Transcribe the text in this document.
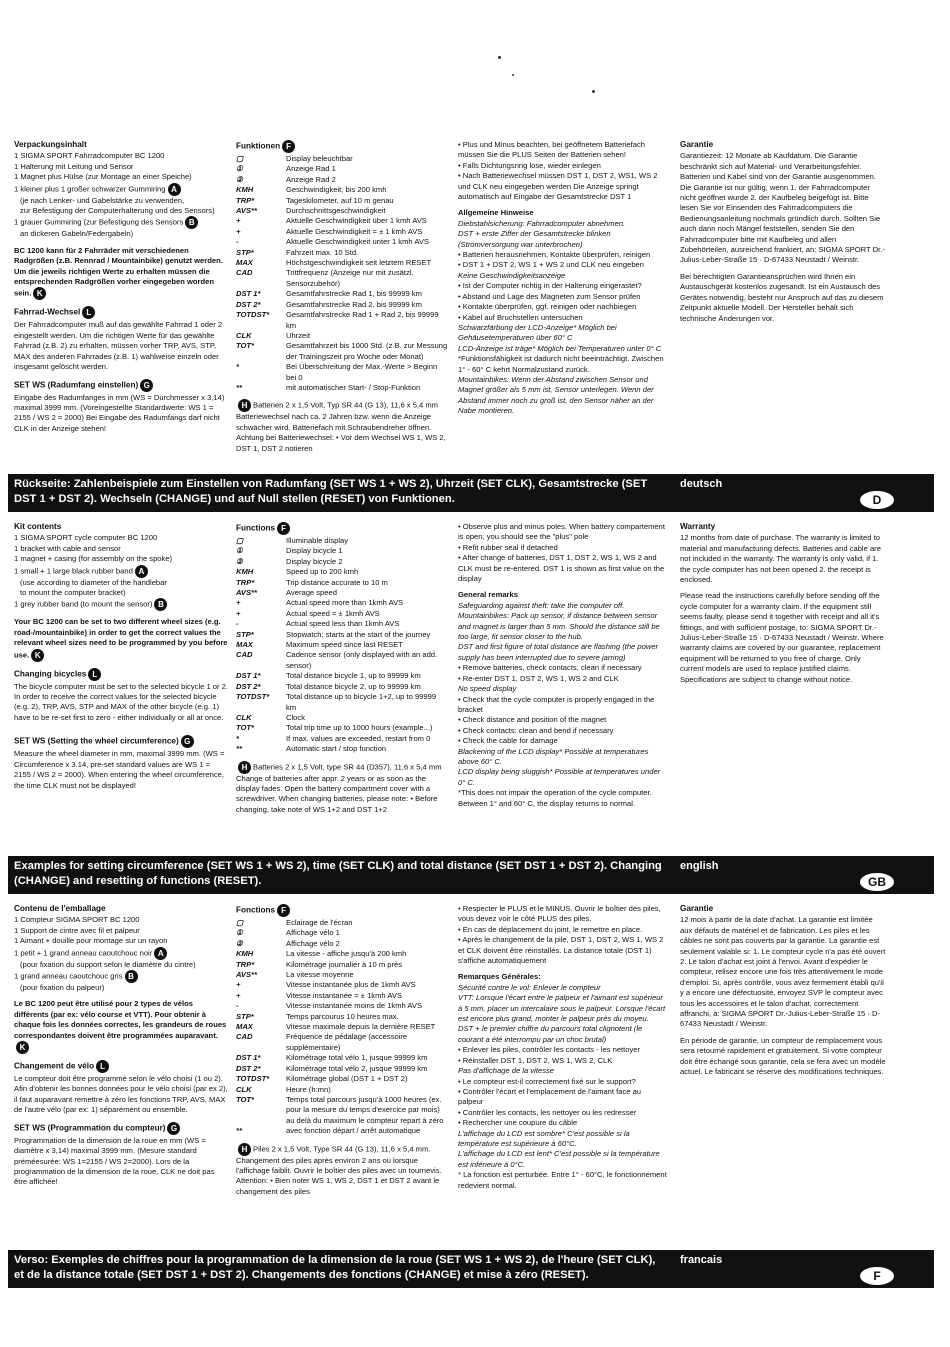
Verpackungsinhalt

1 SIGMA SPORT Fahrradcomputer BC 1200

1 Halterung mit Leitung und Sensor

1 Magnet plus Hülse (zur Montage an einer Speiche)

1 kleiner plus 1 großer schwarzer Gummiring A

(je nach Lenker- und Gabelstärke zu verwenden,

zur Befestigung der Computerhalterung und des Sensors)

1 grauer Gummiring (zur Befestigung des Sensors B

an dickeren Gabeln/Federgabeln)

BC 1200 kann für 2 Fahrräder mit verschiedenen Radgrößen (z.B. Rennrad / Mountainbike) genutzt werden. Um die jeweils richtigen Werte zu erhalten müssen die entsprechenden Radgrößen vorher eingegeben worden sein. K

Fahrrad-Wechsel L

Der Fahrradcomputer muß auf das gewählte Fahrrad 1 oder 2 eingestellt werden. Um die richtigen Werte für das gewählte Fahrrad (z.B. 2) zu erhalten, müssen vorher TRP, AVS, STP, MAX des anderen Fahrrades (z.B. 1) wahlweise einzeln oder insgesamt gelöscht werden.

SET WS (Radumfang einstellen) G

Eingabe des Radumfanges in mm (WS = Durchmesser x 3,14) maximal 3999 mm. (Voreingestellte Standardwerte: WS 1 = 2155 / WS 2 = 2000) Bei Eingabe des Radumfangs darf nicht CLK in der Anzeige stehen!

Funktionen F
▢	Display beleuchtbar
①	Anzeige Rad 1
②	Anzeige Rad 2
KMH	Geschwindigkeit, bis 200 kmh
TRP*	Tageskilometer, auf 10 m genau
AVS**	Durchschnittsgeschwindigkeit
+	Aktuelle Geschwindigkeit über 1 kmh AVS
+	Aktuelle Geschwindigkeit = ± 1 kmh AVS
-	Aktuelle Geschwindigkeit unter 1 kmh AVS
STP*	Fahrzeit max. 10 Std.
MAX	Höchstgeschwindigkeit seit letztem RESET
CAD	Trittfrequenz (Anzeige nur mit zusätzl. Sensorzubehör)
DST 1*	Gesamtfahrstrecke Rad 1, bis 99999 km
DST 2*	Gesamtfahrstrecke Rad 2, bis 99999 km
TOTDST*	Gesamtfahrstrecke Rad 1 + Rad 2, bis 99999 km
CLK	Uhrzeit
TOT*	Gesamtfahrzeit bis 1000 Std. (z.B. zur Messung der Trainingszeit pro Woche oder Monat)
*	Bei Überschreitung der Max.-Werte > Beginn bei 0
**	mit automatischer Start- / Stop-Funktion

H Batterien 2 x 1,5 Volt, Typ SR 44 (G 13), 11,6 x 5,4 mm Batteriewechsel nach ca. 2 Jahren bzw. wenn die Anzeige schwächer wird. Batteriefach mit Schraubendreher öffnen. Achtung bei Batteriewechsel: • Vor dem Wechsel WS 1, WS 2, DST 1, DST 2 notieren

• Plus und Minus beachten, bei geöffnetem Batteriefach müssen Sie die PLUS Seiten der Batterien sehen!

• Falls Dichtungsring lose, wieder einlegen

• Nach Batteriewechsel müssen DST 1, DST 2, WS1, WS 2 und CLK neu eingegeben werden Die Anzeige springt automatisch auf Eingabe der Gesamtstrecke DST 1

Allgemeine Hinweise

Diebstahlsicherung: Fahrradcomputer abnehmen.

DST + erste Ziffer der Gesamtstrecke blinken (Stromversorgung war unterbrochen)

• Batterien herausnehmen, Kontakte überprüfen, reinigen

• DST 1 + DST 2, WS 1 + WS 2 und CLK neu eingeben

Keine Geschwindigkeitsanzeige

• Ist der Computer richtig in der Halterung eingerastet?

• Abstand und Lage des Magneten zum Sensor prüfen

• Kontakte überprüfen, ggf. reinigen oder nachbiegen

• Kabel auf Bruchstellen untersuchen

Schwarzfärbung der LCD-Anzeige* Möglich bei Gehäusetemperaturen über 60° C

LCD-Anzeige ist träge* Möglich bei Temperaturen unter 0° C

*Funktionsfähigkeit ist dadurch nicht beeinträchtigt. Zwischen 1° - 60° C kehrt Normalzustand zurück.

Mountainbikes: Wenn der Abstand zwischen Sensor und Magnet größer als 5 mm ist, Sensor unterlegen. Wenn der Abstand immer noch zu groß ist, den Sensor näher an der Nabe montieren.

Garantie

Garantiezeit: 12 Monate ab Kaufdatum. Die Garantie beschränkt sich auf Material- und Verarbeitungsfehler. Batterien und Kabel sind von der Garantie ausgenommen. Die Garantie ist nur gültig, wenn 1. der Fahrradcomputer nicht geöffnet wurde 2. der Kaufbeleg beigefügt ist. Bitte lesen Sie vor Einsenden des Fahrradcomputers die Bedienungsanleitung nochmals gründlich durch. Sollten Sie auch dann noch Mängel feststellen, senden Sie den Fahrradcomputer bitte mit Kaufbeleg und allen Zubehörteilen, ausreichend frankiert, an: SIGMA SPORT Dr.-Julius-Leber-Straße 15 · D-67433 Neustadt / Weinstr.

Bei berechtigten Garantieansprüchen wird Ihnen ein Austauschgerät kostenlos zugesandt. Ist ein Austausch des Gerätes notwendig, besteht nur Anspruch auf das zu diesem Zeitpunkt aktuelle Modell. Der Hersteller behält sich technische Änderungen vor.

Rückseite: Zahlenbeispiele zum Einstellen von Radumfang (SET WS 1 + WS 2), Uhrzeit (SET CLK), Gesamtstrecke (SET DST 1 + DST 2). Wechseln (CHANGE) und auf Null stellen (RESET) von Funktionen.
deutsch
D
Kit contents

1 SIGMA SPORT cycle computer BC 1200

1 bracket with cable and sensor

1 magnet + casing (for assembly on the spoke)

1 small + 1 large black rubber band A

(use according to diameter of the handlebar

to mount the computer bracket)

1 grey rubber band (to mount the sensor) B

Your BC 1200 can be set to two different wheel sizes (e.g. road-/mountainbike) in order to get the correct values the relevant wheel sizes need to be programmed by you before use. K

Changing bicycles L

The bicycle computer must be set to the selected bicycle 1 or 2. In order to receive the correct values for the selected bicycle (e.g. 2), TRP, AVS, STP and MAX of the other bicycle (e.g. 1) have to be re-set first to zero - either individually or all at once.

SET WS (Setting the wheel circumference) G

Measure the wheel diameter in mm, maximal 3999 mm. (WS = Circumference x 3.14, pre-set standard values are WS 1 = 2155 / WS 2 = 2000). When entering the wheel circumference, the time CLK must not be displayed!

Functions F
▢	Illuminable display
①	Display bicycle 1
②	Display bicycle 2
KMH	Speed up to 200 kmh
TRP*	Trip distance accurate to 10 m
AVS**	Average speed
+	Actual speed more than 1kmh AVS
+	Actual speed = ± 1kmh AVS
-	Actual speed less than 1kmh AVS
STP*	Stopwatch; starts at the start of the journey
MAX	Maximum speed since last RESET
CAD	Cadence sensor (only displayed with an add. sensor)
DST 1*	Total distance bicycle 1, up to 99999 km
DST 2*	Total distance bicycle 2, up to 99999 km
TOTDST*	Total distance up to bicycle 1+2, up to 99999 km
CLK	Clock
TOT*	Total trip time up to 1000 hours (example...)
*	If max. values are exceeded, restart from 0
**	Automatic start / stop function

H Batteries 2 x 1,5 Volt, type SR 44 (D357), 11,6 x 5,4 mm Change of batteries after appr. 2 years or as soon as the display fades. Open the battery compartment cover with a screwdriver. When changing batteries, please note: • Before changing, take note of WS 1+2 and DST 1+2

• Observe plus and minus poles. When battery compartement is open, you should see the "plus" pole

• Refit rubber seal if detached

• After change of batteries, DST 1, DST 2, WS 1, WS 2 and CLK must be re-entered. DST 1 is shown as first value on the display

General remarks

Safeguarding against theft: take the computer off.

Mountainbikes: Pack up sensor, if distance between sensor and magnet is larger than 5 mm. Should the distance still be too large, fit sensor closer to the hub.

DST and first figure of total distance are flashing (the power supply has been interrupted due to severe jarring)

• Remove batteries, check contacts, clean if necessary

• Re-enter DST 1, DST 2, WS 1, WS 2 and CLK

No speed display

• Check that the cycle computer is properly engaged in the bracket

• Check distance and position of the magnet

• Check contacts: clean and bend if necessary

• Check the cable for damage

Blackening of the LCD display* Possible at temperatures above 60° C.

LCD display being sluggish* Possible at temperatures under 0° C.

*This does not impair the operation of the cycle computer. Between 1° and 60° C, the display returns to normal.

Warranty

12 months from date of purchase. The warranty is limited to material and manufacturing defects. Batteries and cable are not included in the warranty. The warranty is only valid, if 1. the cycle computer has not been opened 2. the receipt is enclosed.

Please read the instructions carefully before sending off the cycle computer for a warranty claim. If the equipment still seems faulty, please send it together with receipt and all it's fittings, and with sufficient postage, to: SIGMA SPORT Dr.-Julius-Leber-Straße 15 · D-67433 Neustadt / Weinstr. Where warranty claims are covered by our guarantee, replacement equipment will be returned to you free of charge. Only current models are used to replace justified claims. Specifications are subject to change without notice.

Examples for setting circumference (SET WS 1 + WS 2), time (SET CLK) and total distance (SET DST 1 + DST 2). Changing (CHANGE) and resetting of functions (RESET).
english
GB
Contenu de l'emballage

1 Compteur SIGMA SPORT BC 1200

1 Support de cintre avec fil et palpeur

1 Aimant + douille pour montage sur un rayon

1 petit + 1 grand anneau caoutchouc noir A

(pour fixation du support selon le diamètre du cintre)

1 grand anneau caoutchouc gris B

(pour fixation du palpeur)

Le BC 1200 peut être utilisé pour 2 types de vélos différents (par ex: vélo course et VTT). Pour obtenir à chaque fois les données correctes, les grandeurs de roues correspondantes doivent être programmées auparavant.K

Changement de vélo L

Le compteur doit être programmé selon le vélo choisi (1 ou 2). Afin d'obtenir les bonnes données pour le vélo choisi (par ex 2), il faut auparavant remettre à zéro les fonctions TRP, AVS, MAX de l'autre vélo (par ex: 1) séparément ou ensemble.

SET WS (Programmation du compteur) G

Programmation de la dimension de la roue en mm (WS = diamètre x 3,14) maximal 3999 mm. (Mesure standard préméesurée: WS 1=2155 / WS 2=2000). Lors de la programmation de la dimension de la roue, CLK ne doit pas être affichée!

Fonctions F
▢	Eclairage de l'écran
①	Affichage vélo 1
②	Affichage vélo 2
KMH	La vitesse - affiche jusqu'à 200 kmh
TRP*	Kilométrage journalier à 10 m près
AVS**	La vitesse moyenne
+	Vitesse instantanée plus de 1kmh AVS
+	Vitesse instantanée = ± 1kmh AVS
-	Vitesse instantanée moins de 1kmh AVS
STP*	Temps parcourus 10 heures max.
MAX	Vitesse maximale depuis la dernière RESET
CAD	Fréquence de pédalage (accessoire supplémentaire)
DST 1*	Kilométrage total vélo 1, jusque 99999 km
DST 2*	Kilométrage total vélo 2, jusque 99999 km
TOTDST*	Kilométrage global (DST 1 + DST 2)
CLK	Heure (h:mn)
TOT*	Temps total parcours jusqu'à 1000 heures (ex. pour la mesure du temps d'exercice par mois) au delà du maximum le compteur repart à zéro
**	avec fonction départ / arrêt automatique

H Piles 2 x 1,5 Volt, Type SR 44 (G 13), 11,6 x 5,4 mm. Changement des piles après environ 2 ans ou lorsque l'affichage faiblit. Ouvrir le boîtier des piles avec un tournevis. Attention: • Bien noter WS 1, WS 2, DST 1 et DST 2 avant le changement des piles

• Respecter le PLUS et le MINUS. Ouvrir le boîtier des piles, vous devez voir le côté PLUS des piles.

• En cas de déplacement du joint, le remettre en place.

• Après le changement de la pile, DST 1, DST 2, WS 1, WS 2 et CLK doivent être réinstallés. La distance totale (DST 1) s'affiche automatiquement

Remarques Générales:

Sécurité contre le vol: Enlever le compteur

VTT: Lorsque l'écart entre le palpeur et l'aimant est supérieur à 5 mm, placer un intercalaire sous le palpeur. Lorsque l'écart est encore plus grand, monter le palpeur près du moyeu.

DST + le premier chiffre du parcours total clignotent (le courant a été interrompu par un choc brutal)

• Enlever les piles, contrôler les contacts - les nettoyer

• Réinstaller DST 1, DST 2, WS 1, WS 2, CLK

Pas d'affichage de la vitesse

• Le compteur est-il correctement fixé sur le support?

• Contrôler l'écart et l'emplacement de l'aimant face au palpeur

• Contrôler les contacts, les nettoyer ou les redresser

• Rechercher une coupure du câble

L'affichage du LCD est sombre* C'est possible si la température est supérieure à 60°C.

L'affichage du LCD est lent* C'est possible si la température est inférieure à 0°C.

* La fonction est perturbée. Entre 1° - 60°C, le fonctionnement redevient normal.

Garantie

12 mois à partir de la date d'achat. La garantie est limitée aux défauts de matériel et de fabrication. Les piles et les câbles ne sont pas couverts par la garantie. La garantie est seulement valable si: 1. Le compteur cycle n'a pas été ouvert 2. Le talon d'achat est joint à l'envoi. Avant d'expédier le compteur, relisez encore une fois très attentivement le mode d'emploi. Si, après contrôle, vous avez fermement établi qu'il y a encore une défectuosité, envoyez SVP le compteur avec tous les accessoires et le talon d'achat, correctement affranchi, à: SIGMA SPORT Dr.-Julius-Leber-Straße 15 · D-67433 Neustadt / Weinstr.

En période de garantie, un compteur de remplacement vous sera retourné rapidement et gratuitement. Si votre compteur doit être échangé sous garantie, cela se fera avec un modèle actuel. Le fabricant se réserve des modifications techniques.

Verso: Exemples de chiffres pour la programmation de la dimension de la roue (SET WS 1 + WS 2), de l'heure (SET CLK), et de la distance totale (SET DST 1 + DST 2). Changements des fonctions (CHANGE) et mise à zéro (RESET).
francais
F
